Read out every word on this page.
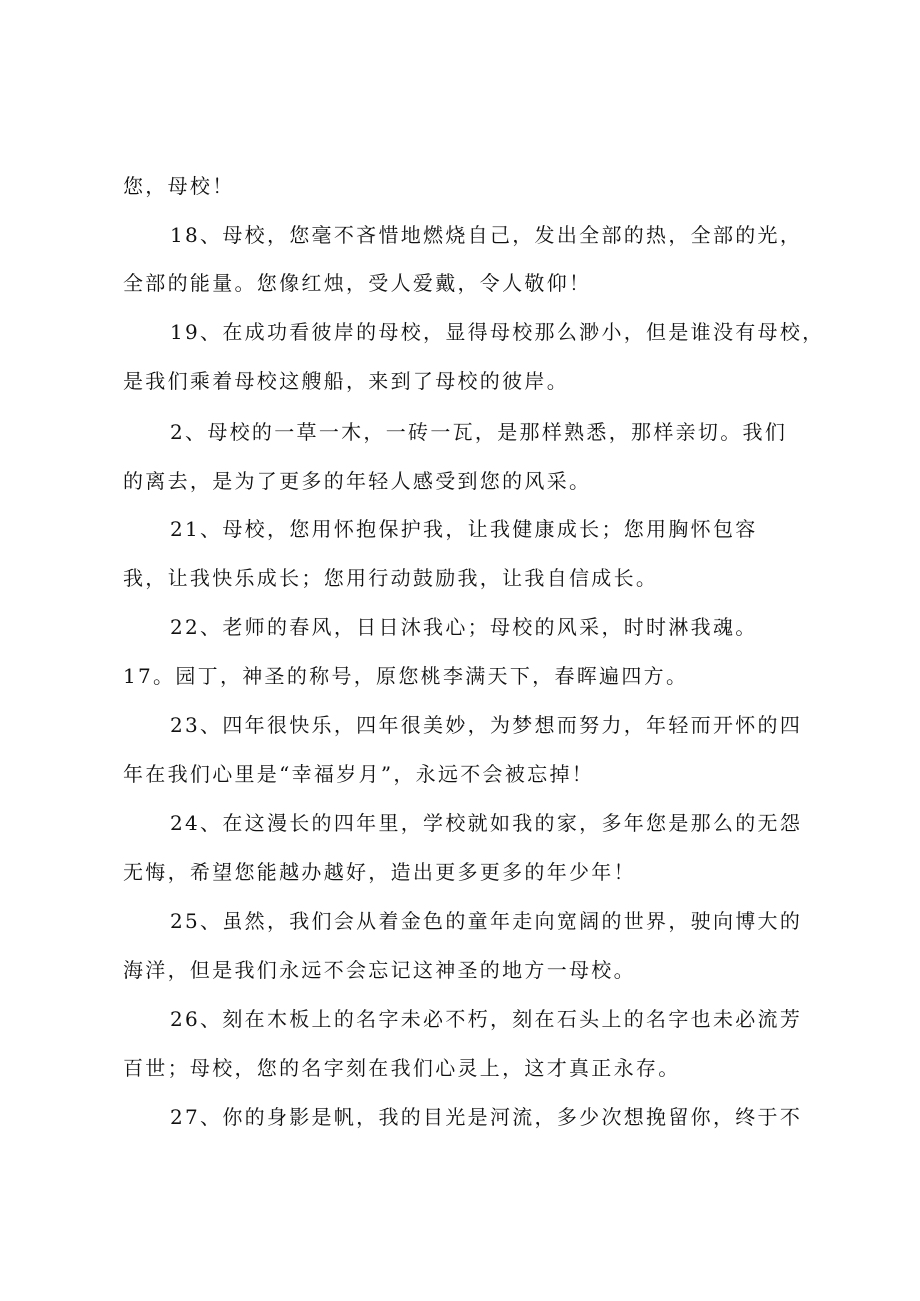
您，母校！
18、母校，您毫不吝惜地燃烧自己，发出全部的热，全部的光，
全部的能量。您像红烛，受人爱戴，令人敬仰！
19、在成功看彼岸的母校，显得母校那么渺小，但是谁没有母校，
是我们乘着母校这艘船，来到了母校的彼岸。
2、母校的一草一木，一砖一瓦，是那样熟悉，那样亲切。我们
的离去，是为了更多的年轻人感受到您的风采。
21、母校，您用怀抱保护我，让我健康成长；您用胸怀包容
我，让我快乐成长；您用行动鼓励我，让我自信成长。
22、老师的春风，日日沐我心；母校的风采，时时淋我魂。
17。园丁，神圣的称号，原您桃李满天下，春晖遍四方。
23、四年很快乐，四年很美妙，为梦想而努力，年轻而开怀的四
年在我们心里是“幸福岁月”，永远不会被忘掉！
24、在这漫长的四年里，学校就如我的家，多年您是那么的无怨
无悔，希望您能越办越好，造出更多更多的年少年！
25、虽然，我们会从着金色的童年走向宽阔的世界，驶向博大的
海洋，但是我们永远不会忘记这神圣的地方一母校。
26、刻在木板上的名字未必不朽，刻在石头上的名字也未必流芳
百世；母校，您的名字刻在我们心灵上，这才真正永存。
27、你的身影是帆，我的目光是河流，多少次想挽留你，终于不
